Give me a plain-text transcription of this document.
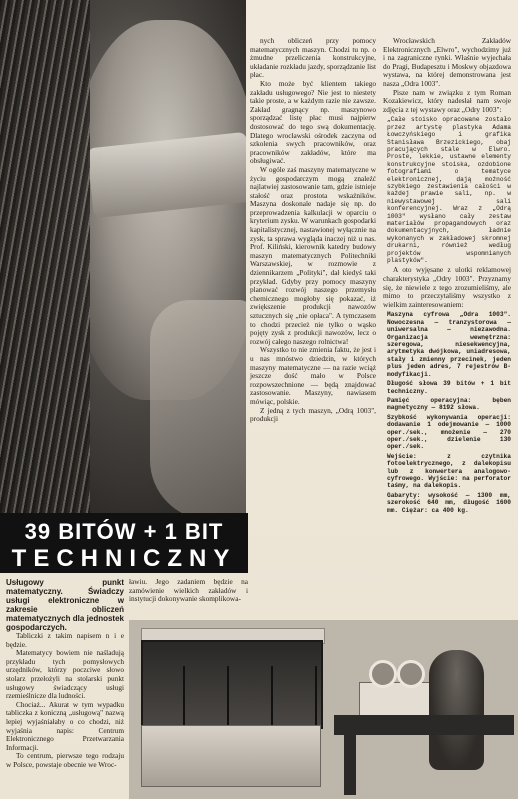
nych obliczeń przy pomocy matematycznych maszyn. Chodzi tu np. o żmudne przeliczenia konstrukcyjne, układanie rozkładu jazdy, sporządzanie list płac.

Kto może być klientem takiego zakładu usługowego? Nie jest to niestety takie proste, a w każdym razie nie zawsze. Zakład gragnący np. maszynowo sporządzać listę płac musi najpierw dostosować do tego swą dokumentację. Dlatego wrocławski ośrodek zaczyna od szkolenia swych pracowników, oraz pracowników zakładów, które ma obsługiwać.

W ogóle zaś maszyny matematyczne w życiu gospodarczym mogą znaleźć najlatwiej zastosowanie tam, gdzie istnieje stałość oraz prostota wskaźników. Maszyna doskonale nadaje się np. do przeprowadzenia kalkulacji w oparciu o kryterium zysku. W warunkach gospodarki kapitalistycznej, nastawionej wyłącznie na zysk, ta sprawa wygląda inaczej niż u nas. Prof. Kiliński, kierownik katedry budowy maszyn matematycznych Politechniki Warszawskiej, w rozmowie z dziennikarzem „Polityki", dał kiedyś taki przykład. Gdyby przy pomocy maszyny planować rozwój naszego przemysłu chemicznego mogłoby się pokazać, iż zwiększenie produkcji nawozów sztucznych się „nie opłaca". A tymczasem to chodzi przecież nie tylko o wąsko pojęty zysk z produkcji nawozów, lecz o rozwój całego naszego rolnictwa!

Wszystko to nie zmienia faktu, że jest i u nas mnóstwo dziedzin, w których maszyny matematyczne — na razie wciąż jeszcze dość mało w Polsce rozpowszechnione — będą znajdować zastosowanie. Maszyny, nawiasem mówiąc, polskie.

Z jedną z tych maszyn, „Odrą 1003", produkcji

Wrocławskich Zakładów Elektronicznych „Elwro", wychodzimy już i na zagraniczne rynki. Właśnie wyjechała do Pragi, Budapesztu i Moskwy objazdowa wystawa, na której demonstrowana jest nasza „Odra 1003".

Pisze nam w związku z tym Roman Kozakiewicz, który nadesłał nam swoje zdjęcia z tej wystawy oraz „Odry 1003":

„Całe stoisko opracowane zostało przez artystę plastyka Adama Łowczyńskiego i grafika Stanisława Brzezickiego, obaj pracujących stale w Elwro. Proste, lekkie, ustawne elementy konstrukcyjne stoiska, ozdobione fotografiami o tematyce elektronicznej, dają możność szybkiego zestawienia całości w każdej prawie sali, np. w niewystawowej sali konferencyjnej. Wraz z „Odrą 1003" wysłano cały zestaw materiałów propagandowych oraz dokumentacyjnych, ładnie wykonanych w zakładowej skromnej drukarni, również według projektów wspomnianych plastyków".

A oto wyjęsane z ulotki reklamowej charakterystyka „Odry 1003". Przyznamy się, że niewiele z tego zrozumieliśmy, ale mimo to przeczytaliśmy wszystko z wielkim zainteresowaniem:

Maszyna cyfrowa „Odra 1003". Nowoczesna — tranzystorowa — uniwersalna — niezawodna. Organizacja wewnętrzna: szeregowa, niesekwencyjna, arytmetyka dwójkowa, uniadresowa, stały i zmienny przecinek, jeden plus jeden adres, 7 rejestrów B-modyfikacji.

Długość słowa 39 bitów + 1 bit techniczny.

Pamięć operacyjna: bęben magnetyczny — 8192 słowa.

Szybkość wykonywania operacji: dodawanie 1 odejmowanie — 1000 oper./sek., mnożenie — 270 oper./sek., dzielenie 130 oper./sek.

Wejście: z czytnika fotoelektrycznego, z dalekopisu lub z konwertera analogowo-cyfrowego. Wyjście: na perforator taśmy, na dalekopis.

Gabaryty: wysokość — 1300 mm, szerokość 640 mm, długość 1600 mm. Ciężar: ca 400 kg.

39 BITÓW + 1 BIT
TECHNICZNY

Usługowy punkt matematyczny. Świadczy usługi elektroniczne w zakresie obliczeń matematycznych dla jednostek gospodarczych.

Tabliczki z takim napisem n i e będzie.

Matematycy bowiem nie naśladują przykładu tych pomysłowych urzędników, którzy poczciwe słowo stolarz przełożyli na stolarski punkt usługowy świadczący usługi rzemieślnicze dla ludności.

Chociaż... Akurat w tym wypadku tabliczka z koniczną „usługową" nazwą lepiej wyjaśniałaby o co chodzi, niż wyjaśnia napis: Centrum Elektronicznego Przetwarzania Informacji.

To centrum, pierwsze tego rodzaju w Polsce, powstaje obecnie we Wroc-

ławiu. Jego zadaniem będzie na zamówienie wielkich zakładów i instytucji dokonywanie skomplikowa-
